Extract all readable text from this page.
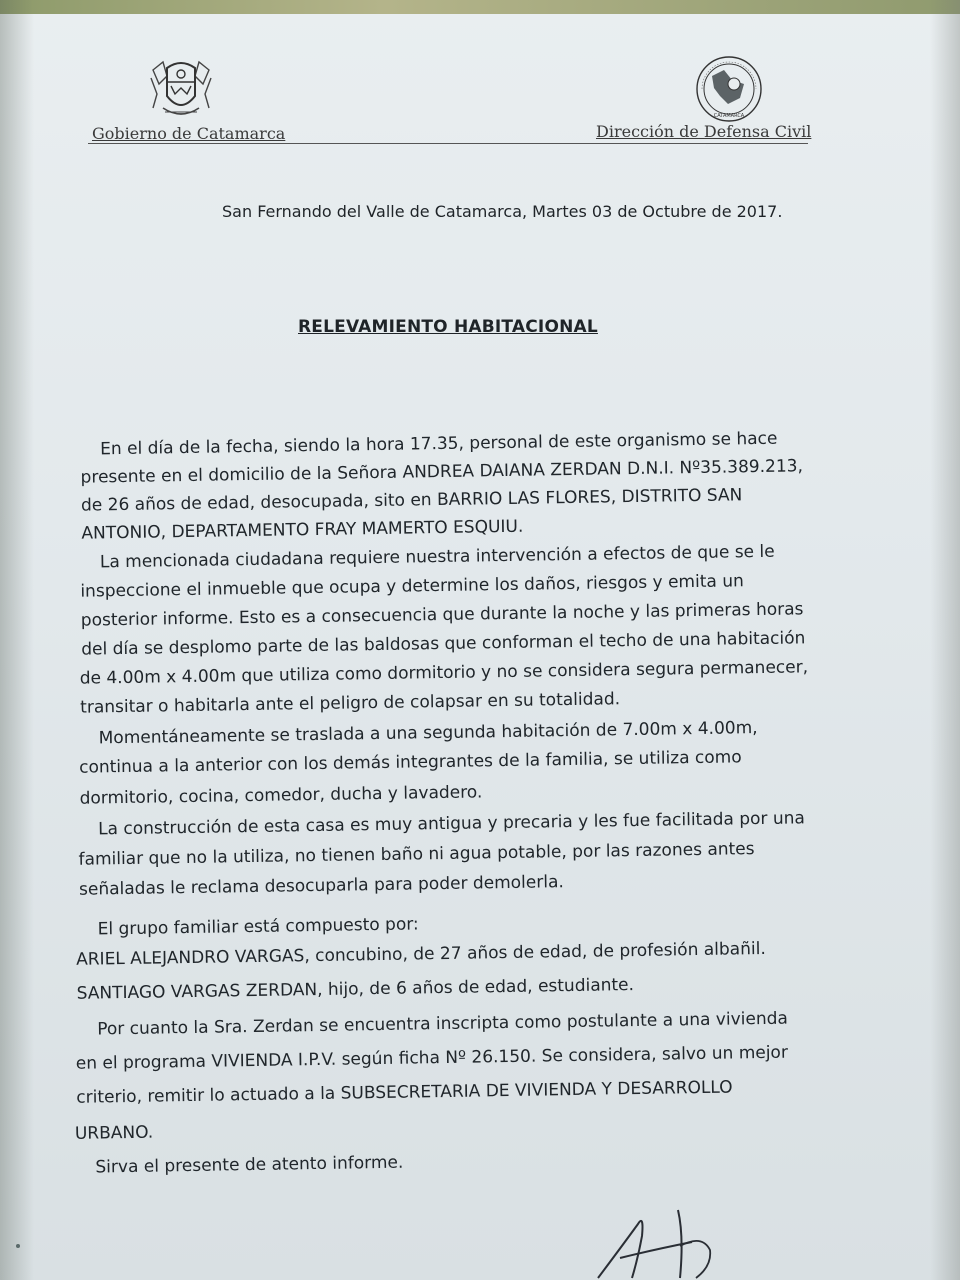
CATAMARCA
Gobierno de Catamarca	Dirección de Defensa Civil
San Fernando del Valle de Catamarca, Martes 03 de Octubre de 2017.
RELEVAMIENTO HABITACIONAL
En el día de la fecha, siendo la hora 17.35, personal de este organismo se hace
presente en el domicilio de la Señora ANDREA DAIANA ZERDAN D.N.I. Nº35.389.213,
de 26 años de edad, desocupada, sito en BARRIO LAS FLORES, DISTRITO SAN
ANTONIO, DEPARTAMENTO FRAY MAMERTO ESQUIU.
La mencionada ciudadana requiere nuestra intervención a efectos de que se le
inspeccione el inmueble que ocupa y determine los daños, riesgos y emita un
posterior informe. Esto es a consecuencia que durante la noche y las primeras horas
del día se desplomo parte de las baldosas que conforman el techo de una habitación
de 4.00m x 4.00m que utiliza como dormitorio y no se considera segura permanecer,
transitar o habitarla ante el peligro de colapsar en su totalidad.
Momentáneamente se traslada a una segunda habitación de 7.00m x 4.00m,
continua a la anterior con los demás integrantes de la familia, se utiliza como
dormitorio, cocina, comedor, ducha y lavadero.
La construcción de esta casa es muy antigua y precaria y les fue facilitada por una
familiar que no la utiliza, no tienen baño ni agua potable, por las razones antes
señaladas le reclama desocuparla para poder demolerla.
El grupo familiar está compuesto por:
ARIEL ALEJANDRO VARGAS, concubino, de 27 años de edad, de profesión albañil.
SANTIAGO VARGAS ZERDAN, hijo, de 6 años de edad, estudiante.
Por cuanto la Sra. Zerdan se encuentra inscripta como postulante a una vivienda
en el programa VIVIENDA I.P.V. según ficha Nº 26.150. Se considera, salvo un mejor
criterio, remitir lo actuado a la SUBSECRETARIA DE VIVIENDA Y DESARROLLO
URBANO.
Sirva el presente de atento informe.
